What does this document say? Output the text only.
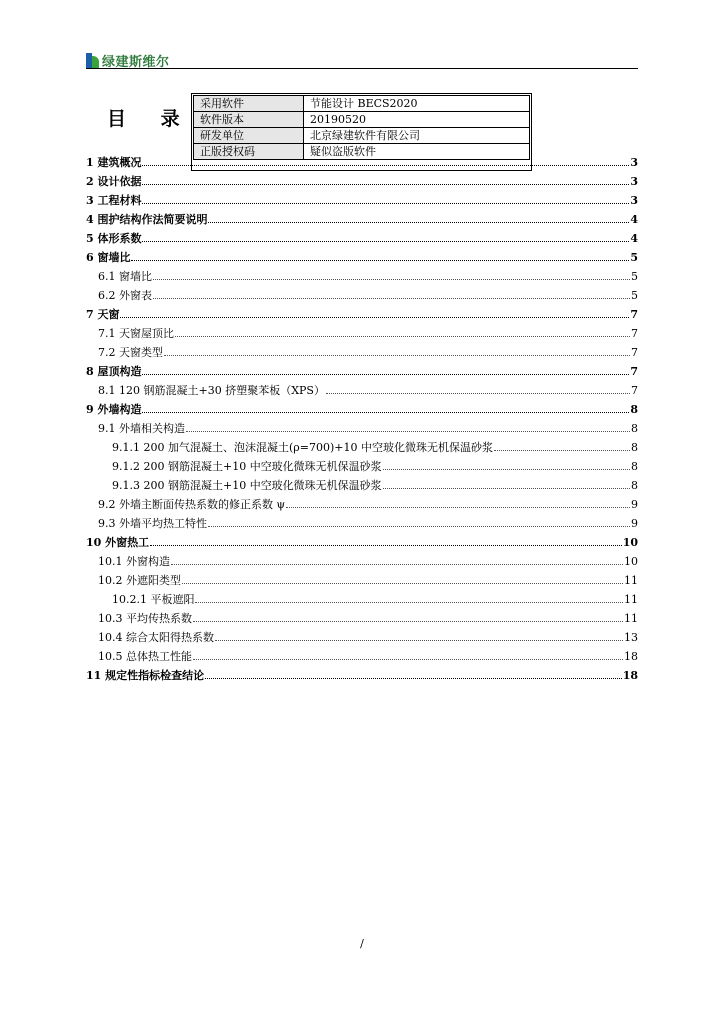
绿建斯维尔
目 录
采用软件	节能设计 BECS2020
软件版本	20190520
研发单位	北京绿建软件有限公司
正版授权码	疑似盗版软件
1 建筑概况	3
2 设计依据	3
3 工程材料	3
4 围护结构作法简要说明	4
5 体形系数	4
6 窗墙比	5
6.1 窗墙比	5
6.2 外窗表	5
7 天窗	7
7.1 天窗屋顶比	7
7.2 天窗类型	7
8 屋顶构造	7
8.1 120 钢筋混凝土+30 挤塑聚苯板（XPS）	7
9 外墙构造	8
9.1 外墙相关构造	8
9.1.1 200 加气混凝土、泡沫混凝土(ρ=700)+10 中空玻化微珠无机保温砂浆	8
9.1.2 200 钢筋混凝土+10 中空玻化微珠无机保温砂浆	8
9.1.3 200 钢筋混凝土+10 中空玻化微珠无机保温砂浆	8
9.2 外墙主断面传热系数的修正系数 ψ	9
9.3 外墙平均热工特性	9
10 外窗热工	10
10.1 外窗构造	10
10.2 外遮阳类型	11
10.2.1 平板遮阳	11
10.3 平均传热系数	11
10.4 综合太阳得热系数	13
10.5 总体热工性能	18
11 规定性指标检查结论	18
/
